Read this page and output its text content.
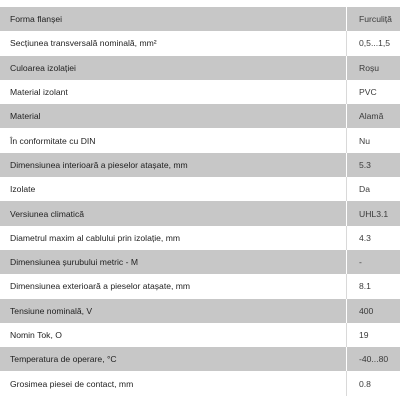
Forma flanșei	Furculiță
Secțiunea transversală nominală, mm²	0,5...1,5
Culoarea izolației	Roșu
Material izolant	PVC
Material	Alamă
În conformitate cu DIN	Nu
Dimensiunea interioară a pieselor atașate, mm	5.3
Izolate	Da
Versiunea climatică	UHL3.1
Diametrul maxim al cablului prin izolație, mm	4.3
Dimensiunea șurubului metric - M	-
Dimensiunea exterioară a pieselor atașate, mm	8.1
Tensiune nominală, V	400
Nomin Tok, O	19
Temperatura de operare, °C	-40...80
Grosimea piesei de contact, mm	0.8
